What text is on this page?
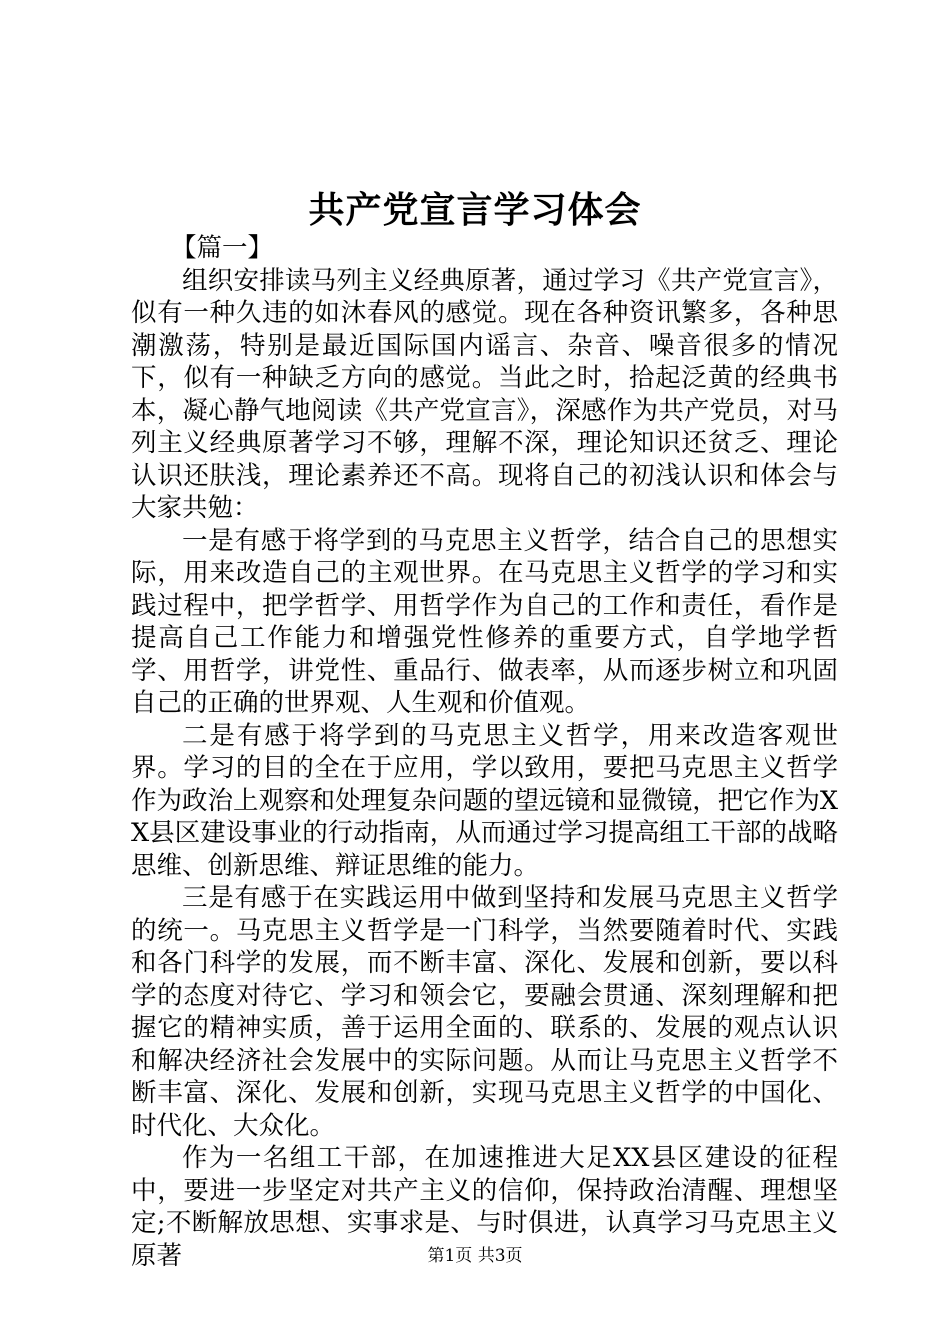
共产党宣言学习体会

【篇一】

组织安排读马列主义经典原著，通过学习《共产党宣言》，似有一种久违的如沐春风的感觉。现在各种资讯繁多，各种思潮激荡，特别是最近国际国内谣言、杂音、噪音很多的情况下，似有一种缺乏方向的感觉。当此之时，拾起泛黄的经典书本，凝心静气地阅读《共产党宣言》，深感作为共产党员，对马列主义经典原著学习不够，理解不深，理论知识还贫乏、理论认识还肤浅，理论素养还不高。现将自己的初浅认识和体会与大家共勉：

一是有感于将学到的马克思主义哲学，结合自己的思想实际，用来改造自己的主观世界。在马克思主义哲学的学习和实践过程中，把学哲学、用哲学作为自己的工作和责任，看作是提高自己工作能力和增强党性修养的重要方式，自学地学哲学、用哲学，讲党性、重品行、做表率，从而逐步树立和巩固自己的正确的世界观、人生观和价值观。

二是有感于将学到的马克思主义哲学，用来改造客观世界。学习的目的全在于应用，学以致用，要把马克思主义哲学作为政治上观察和处理复杂问题的望远镜和显微镜，把它作为XX县区建设事业的行动指南，从而通过学习提高组工干部的战略思维、创新思维、辩证思维的能力。

三是有感于在实践运用中做到坚持和发展马克思主义哲学的统一。马克思主义哲学是一门科学，当然要随着时代、实践和各门科学的发展，而不断丰富、深化、发展和创新，要以科学的态度对待它、学习和领会它，要融会贯通、深刻理解和把握它的精神实质，善于运用全面的、联系的、发展的观点认识和解决经济社会发展中的实际问题。从而让马克思主义哲学不断丰富、深化、发展和创新，实现马克思主义哲学的中国化、时代化、大众化。

作为一名组工干部，在加速推进大足XX县区建设的征程中，要进一步坚定对共产主义的信仰，保持政治清醒、理想坚定;不断解放思想、实事求是、与时俱进，认真学习马克思主义原著	第1页 共3页
